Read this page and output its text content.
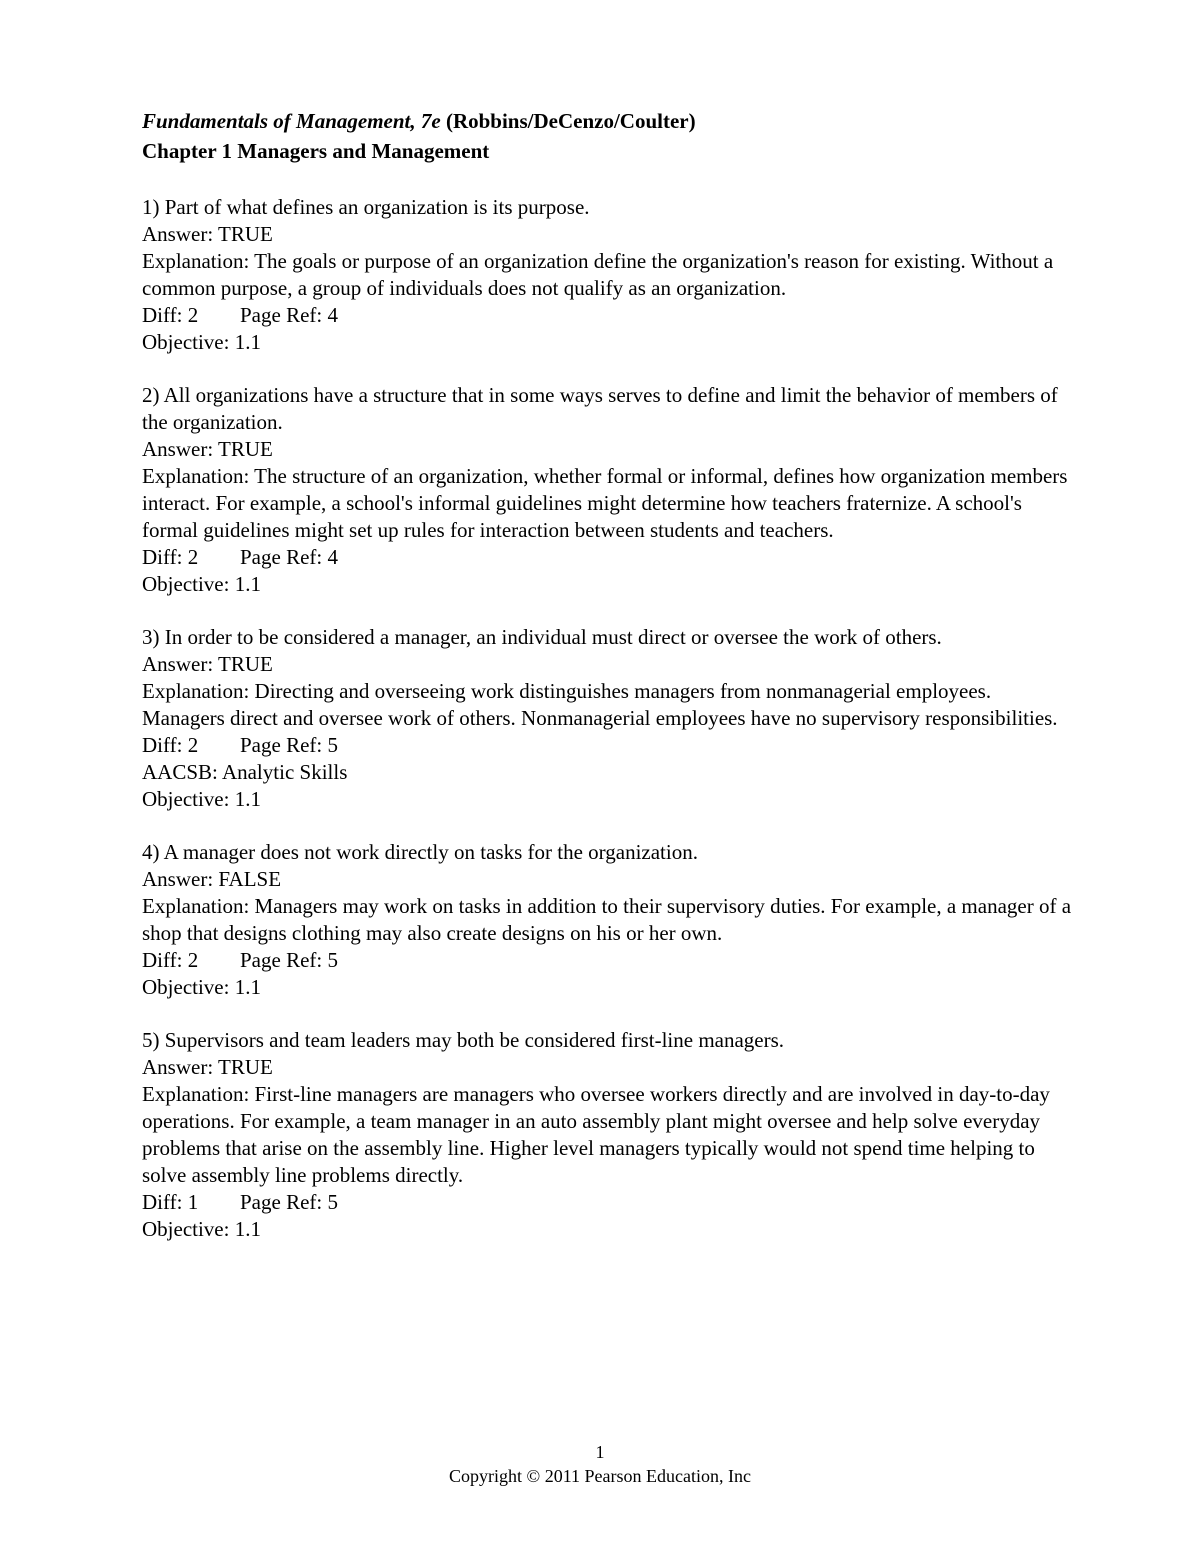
Fundamentals of Management, 7e (Robbins/DeCenzo/Coulter)

Chapter 1 Managers and Management

1) Part of what defines an organization is its purpose.

Answer: TRUE

Explanation: The goals or purpose of an organization define the organization's reason for existing. Without a common purpose, a group of individuals does not qualify as an organization.

Diff: 2 Page Ref: 4

Objective: 1.1

2) All organizations have a structure that in some ways serves to define and limit the behavior of members of the organization.

Answer: TRUE

Explanation: The structure of an organization, whether formal or informal, defines how organization members interact. For example, a school's informal guidelines might determine how teachers fraternize. A school's formal guidelines might set up rules for interaction between students and teachers.

Diff: 2 Page Ref: 4

Objective: 1.1

3) In order to be considered a manager, an individual must direct or oversee the work of others.

Answer: TRUE

Explanation: Directing and overseeing work distinguishes managers from nonmanagerial employees. Managers direct and oversee work of others. Nonmanagerial employees have no supervisory responsibilities.

Diff: 2 Page Ref: 5

AACSB: Analytic Skills

Objective: 1.1

4) A manager does not work directly on tasks for the organization.

Answer: FALSE

Explanation: Managers may work on tasks in addition to their supervisory duties. For example, a manager of a shop that designs clothing may also create designs on his or her own.

Diff: 2 Page Ref: 5

Objective: 1.1

5) Supervisors and team leaders may both be considered first-line managers.

Answer: TRUE

Explanation: First-line managers are managers who oversee workers directly and are involved in day-to-day operations. For example, a team manager in an auto assembly plant might oversee and help solve everyday problems that arise on the assembly line. Higher level managers typically would not spend time helping to solve assembly line problems directly.

Diff: 1 Page Ref: 5

Objective: 1.1

1

Copyright © 2011 Pearson Education, Inc
